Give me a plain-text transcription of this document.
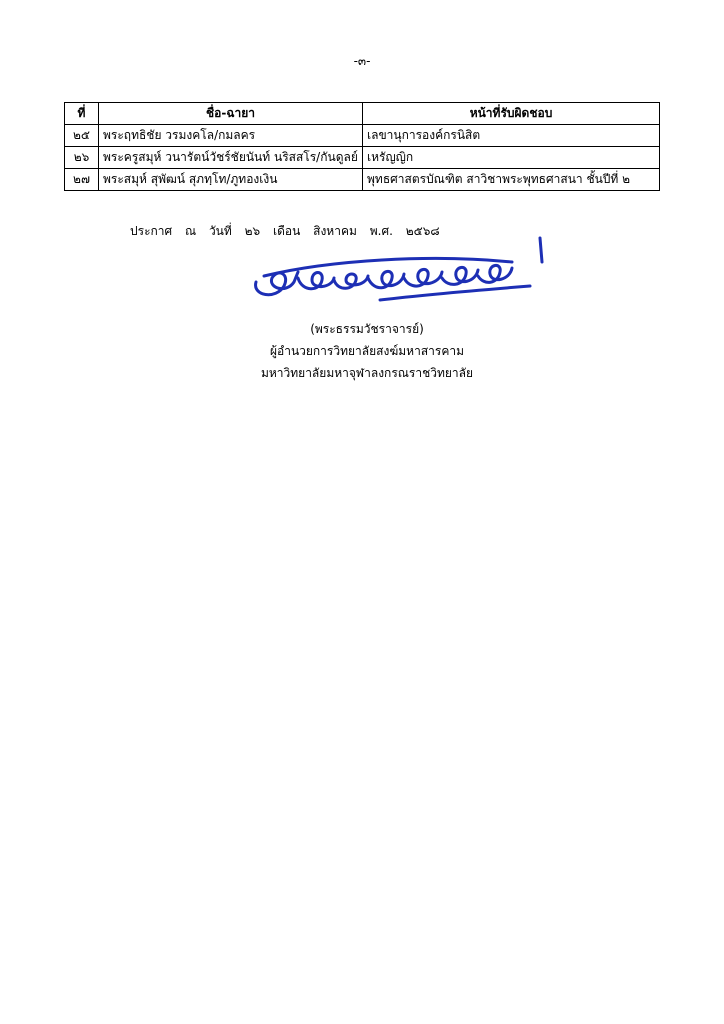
-๓-
ที่	ชื่อ-ฉายา	หน้าที่รับผิดชอบ
๒๕	พระฤทธิชัย วรมงคโล/กมลคร	เลขานุการองค์กรนิสิต
๒๖	พระครูสมุห์ วนารัตน์วัชร์ชัยนันท์ นริสสโร/กันดูลย์	เหรัญญิก
๒๗	พระสมุห์ สุพัฒน์ สุภทฺโท/ภูทองเงิน	พุทธศาสตรบัณฑิต สาวิชาพระพุทธศาสนา ชั้นปีที่ ๒
ประกาศ ณ วันที่ ๒๖ เดือน สิงหาคม พ.ศ. ๒๕๖๘
(พระธรรมวัชราจารย์)
ผู้อำนวยการวิทยาลัยสงฆ์มหาสารคาม
มหาวิทยาลัยมหาจุฬาลงกรณราชวิทยาลัย
